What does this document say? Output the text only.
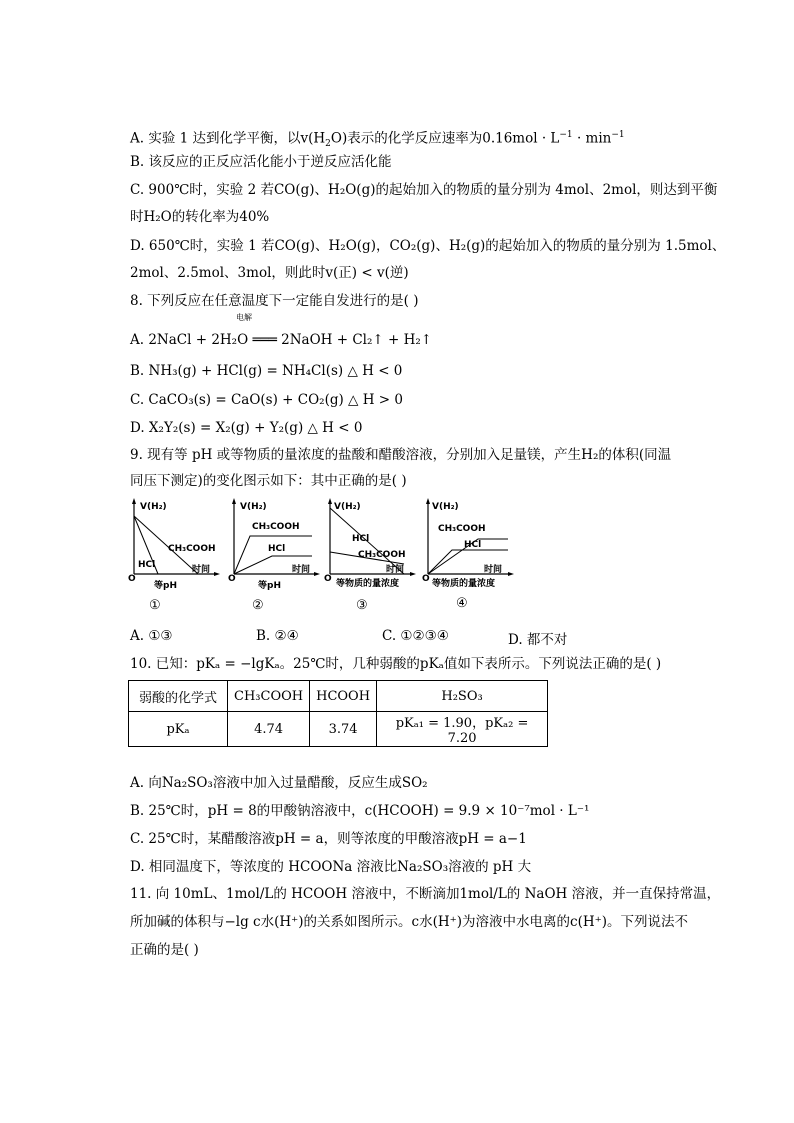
A. 实验 1 达到化学平衡，以$v(H_2O)$表示的化学反应速率为$0.16mol \cdot L^{-1} \cdot \min^{-1}$
B. 该反应的正反应活化能小于逆反应活化能
C. 900℃时，实验 2 若CO(g)、H₂O(g)的起始加入的物质的量分别为 4mol、2mol，则达到平衡
时H₂O的转化率为40%
D. 650℃时，实验 1 若CO(g)、H₂O(g)，CO₂(g)、H₂(g)的起始加入的物质的量分别为 1.5mol、
2mol、2.5mol、3mol，则此时v(正) < v(逆)
8. 下列反应在任意温度下一定能自发进行的是( )
电解
A. 2NaCl + 2H₂O ═══ 2NaOH + Cl₂↑ + H₂↑
B. NH₃(g) + HCl(g) = NH₄Cl(s) △ H < 0
C. CaCO₃(s) = CaO(s) + CO₂(g) △ H > 0
D. X₂Y₂(s) = X₂(g) + Y₂(g) △ H < 0
9. 现有等 pH 或等物质的量浓度的盐酸和醋酸溶液，分别加入足量镁，产生H₂的体积(同温
同压下测定)的变化图示如下：其中正确的是( )
V(H₂)
CH₃COOH
HCl	时间
O
等pH
①
V(H₂)
CH₃COOH
HCl
时间
O
等pH
②
V(H₂)
HCl
CH₃COOH
时间
O 等物质的量浓度
③
V(H₂)
CH₃COOH
HCl
时间
O 等物质的量浓度
④
A. ①③	B. ②④	C. ①②③④	D. 都不对
10. 已知：pKₐ = −lgKₐ。25℃时，几种弱酸的pKₐ值如下表所示。下列说法正确的是( )
弱酸的化学式	CH₃COOH	HCOOH	H₂SO₃
pKₐ	4.74	3.74	pKₐ₁ = 1.90，pKₐ₂ = 7.20
A. 向Na₂SO₃溶液中加入过量醋酸，反应生成SO₂
B. 25℃时，pH = 8的甲酸钠溶液中，c(HCOOH) = 9.9 × 10⁻⁷mol · L⁻¹
C. 25℃时，某醋酸溶液pH = a，则等浓度的甲酸溶液pH = a−1
D. 相同温度下，等浓度的 HCOONa 溶液比Na₂SO₃溶液的 pH 大
11. 向 10mL、1mol/L的 HCOOH 溶液中，不断滴加1mol/L的 NaOH 溶液，并一直保持常温，
所加碱的体积与−lg c水(H⁺)的关系如图所示。c水(H⁺)为溶液中水电离的c(H⁺)。下列说法不
正确的是( )
